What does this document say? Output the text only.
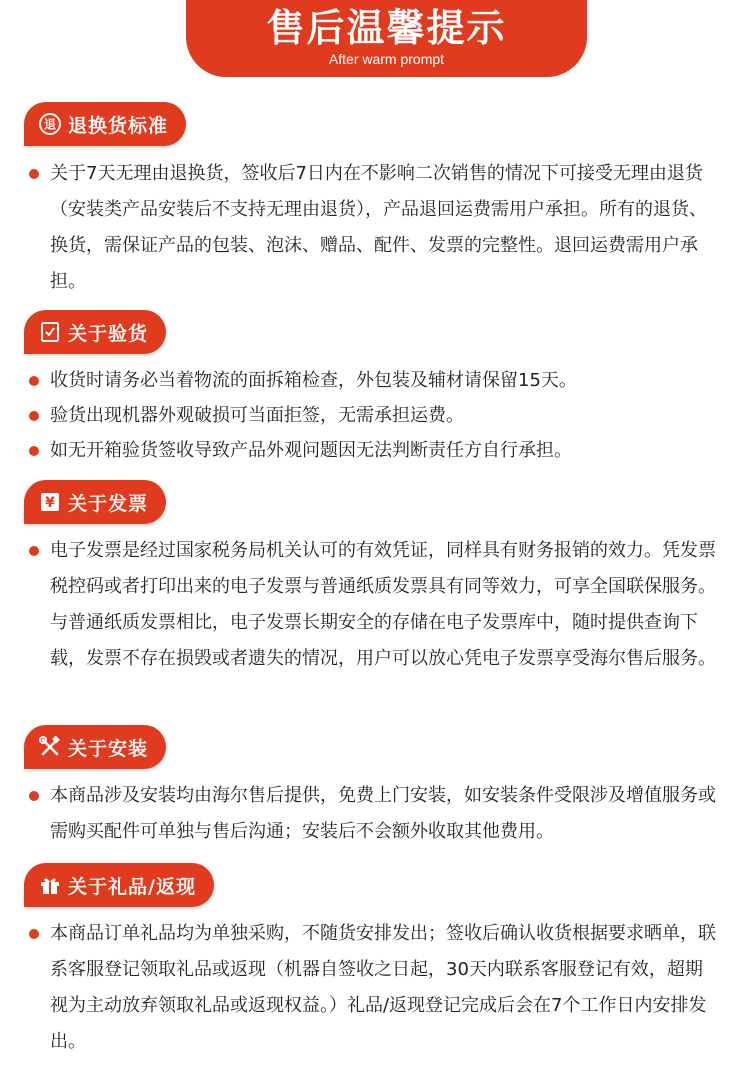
售后温馨提示
After warm prompt
退 退换货标准
关于7天无理由退换货，签收后7日内在不影响二次销售的情况下可接受无理由退货（安装类产品安装后不支持无理由退货），产品退回运费需用户承担。所有的退货、换货，需保证产品的包装、泡沫、赠品、配件、发票的完整性。退回运费需用户承担。
关于验货
收货时请务必当着物流的面拆箱检查，外包装及辅材请保留15天。
验货出现机器外观破损可当面拒签，无需承担运费。
如无开箱验货签收导致产品外观问题因无法判断责任方自行承担。
¥ 关于发票
电子发票是经过国家税务局机关认可的有效凭证，同样具有财务报销的效力。凭发票税控码或者打印出来的电子发票与普通纸质发票具有同等效力，可享全国联保服务。与普通纸质发票相比，电子发票长期安全的存储在电子发票库中，随时提供查询下载，发票不存在损毁或者遗失的情况，用户可以放心凭电子发票享受海尔售后服务。
关于安装
本商品涉及安装均由海尔售后提供，免费上门安装，如安装条件受限涉及增值服务或需购买配件可单独与售后沟通；安装后不会额外收取其他费用。
关于礼品/返现
本商品订单礼品均为单独采购，不随货安排发出；签收后确认收货根据要求晒单，联系客服登记领取礼品或返现（机器自签收之日起，30天内联系客服登记有效，超期视为主动放弃领取礼品或返现权益。）礼品/返现登记完成后会在7个工作日内安排发出。
